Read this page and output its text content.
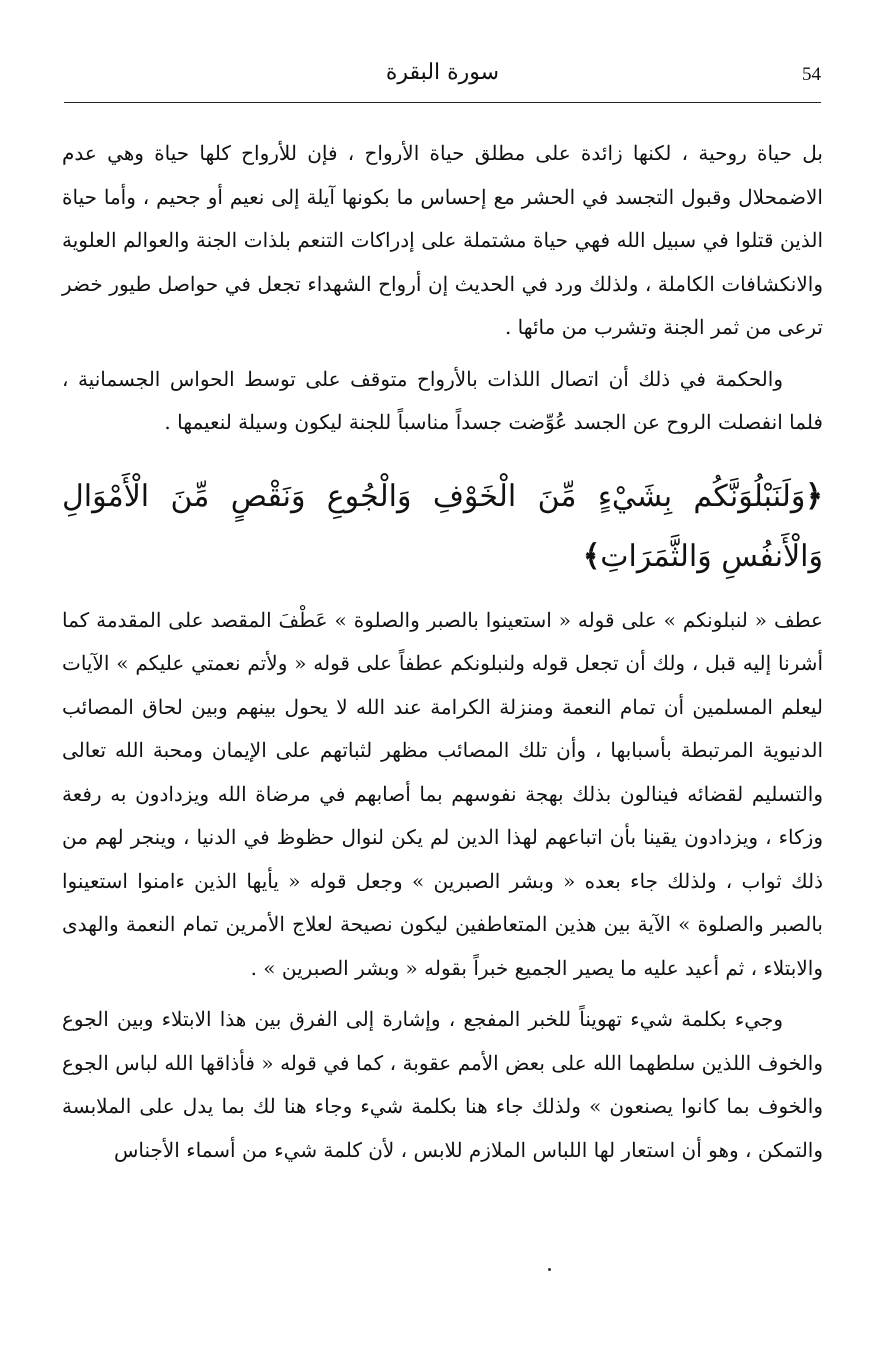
54
سورة البقرة

بل حياة روحية ، لكنها زائدة على مطلق حياة الأرواح ، فإن للأرواح كلها حياة وهي عدم الاضمحلال وقبول التجسد في الحشر مع إحساس ما بكونها آيلة إلى نعيم أو جحيم ، وأما حياة الذين قتلوا في سبيل الله فهي حياة مشتملة على إدراكات التنعم بلذات الجنة والعوالم العلوية والانكشافات الكاملة ، ولذلك ورد في الحديث إن أرواح الشهداء تجعل في حواصل طيور خضر ترعى من ثمر الجنة وتشرب من مائها .

والحكمة في ذلك أن اتصال اللذات بالأرواح متوقف على توسط الحواس الجسمانية ، فلما انفصلت الروح عن الجسد عُوِّضت جسداً مناسباً للجنة ليكون وسيلة لنعيمها .

﴿وَلَنَبْلُوَنَّكُم بِشَيْءٍ مِّنَ الْخَوْفِ وَالْجُوعِ وَنَقْصٍ مِّنَ الْأَمْوَالِ وَالْأَنفُسِ وَالثَّمَرَاتِ﴾

عطف « لنبلونكم » على قوله « استعينوا بالصبر والصلوة » عَطْفَ المقصد على المقدمة كما أشرنا إليه قبل ، ولك أن تجعل قوله ولنبلونكم عطفاً على قوله « ولأتم نعمتي عليكم » الآيات ليعلم المسلمين أن تمام النعمة ومنزلة الكرامة عند الله لا يحول بينهم وبين لحاق المصائب الدنيوية المرتبطة بأسبابها ، وأن تلك المصائب مظهر لثباتهم على الإيمان ومحبة الله تعالى والتسليم لقضائه فينالون بذلك بهجة نفوسهم بما أصابهم في مرضاة الله ويزدادون به رفعة وزكاء ، ويزدادون يقينا بأن اتباعهم لهذا الدين لم يكن لنوال حظوظ في الدنيا ، وينجر لهم من ذلك ثواب ، ولذلك جاء بعده « وبشر الصبرين » وجعل قوله « يأيها الذين ءامنوا استعينوا بالصبر والصلوة » الآية بين هذين المتعاطفين ليكون نصيحة لعلاج الأمرين تمام النعمة والهدى والابتلاء ، ثم أعيد عليه ما يصير الجميع خبراً بقوله « وبشر الصبرين » .

وجيء بكلمة شيء تهويناً للخبر المفجع ، وإشارة إلى الفرق بين هذا الابتلاء وبين الجوع والخوف اللذين سلطهما الله على بعض الأمم عقوبة ، كما في قوله « فأذاقها الله لباس الجوع والخوف بما كانوا يصنعون » ولذلك جاء هنا بكلمة شيء وجاء هنا لك بما يدل على الملابسة والتمكن ، وهو أن استعار لها اللباس الملازم للابس ، لأن كلمة شيء من أسماء الأجناس
